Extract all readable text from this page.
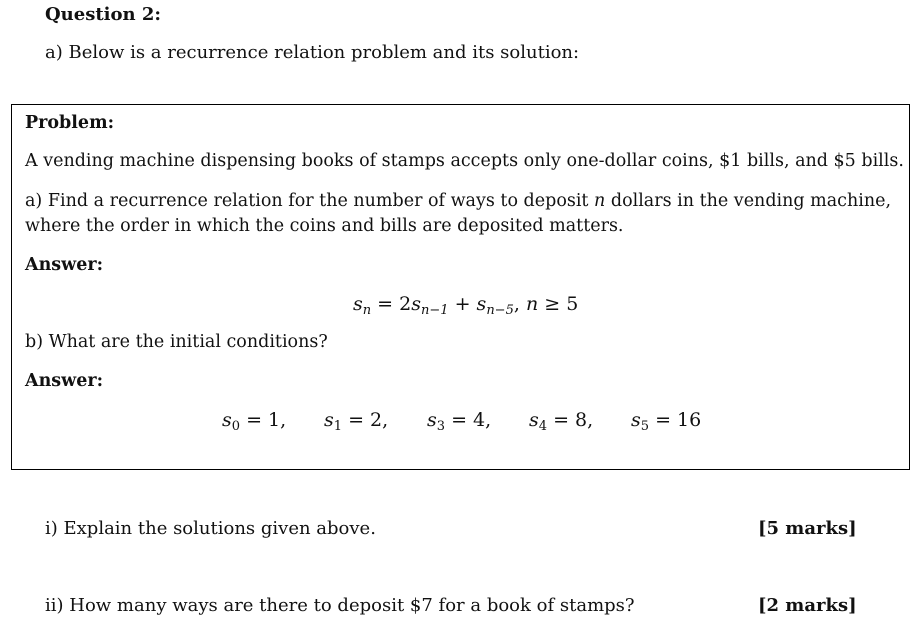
Question 2:
a) Below is a recurrence relation problem and its solution:
Problem:
A vending machine dispensing books of stamps accepts only one-dollar coins, $1 bills, and $5 bills.
a) Find a recurrence relation for the number of ways to deposit n dollars in the vending machine, where the order in which the coins and bills are deposited matters.
Answer:
$s_n = 2s_{n-1} + s_{n-5}$, n ≥ 5
b) What are the initial conditions?
Answer:
$s_0 = 1$, $s_1 = 2$, $s_3 = 4$, $s_4 = 8$, $s_5 = 16$
i) Explain the solutions given above.	[5 marks]
ii) How many ways are there to deposit $7 for a book of stamps?	[2 marks]
